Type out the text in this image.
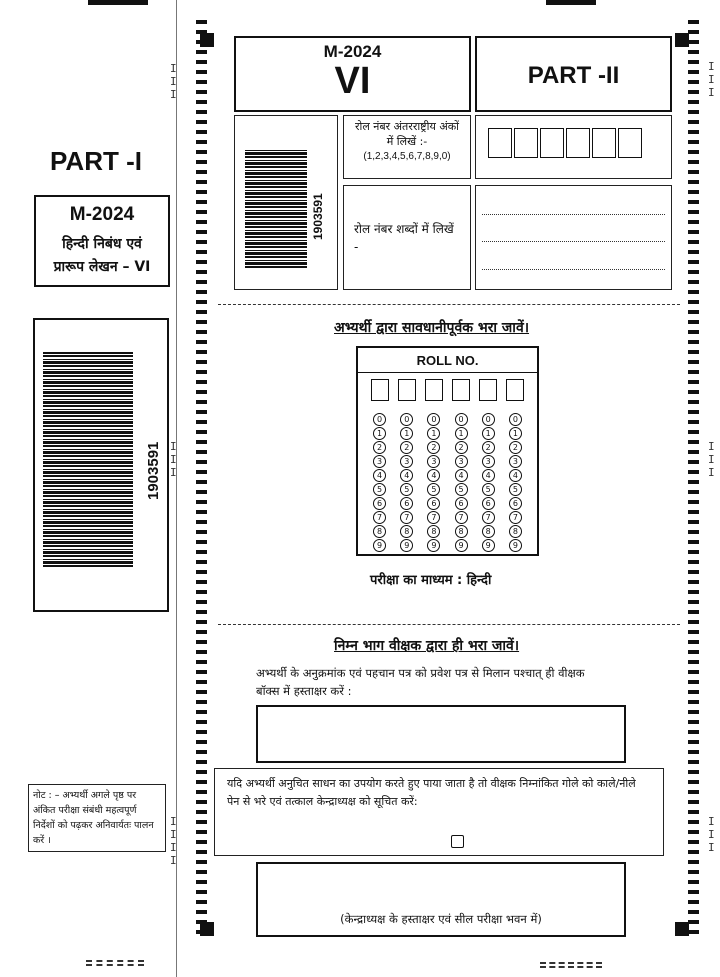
PART -I
M-2024
हिन्दी निबंध एवं
प्रारूप लेखन – VI
1903591
नोट : – अभ्यर्थी अगले पृष्ठ पर अंकित परीक्षा संबंधी महत्वपूर्ण निर्देशों को पढ़कर अनिवार्यतः पालन करें ।
I
I
I
I
I
I
I
I
I
I
M-2024
VI	PART -II
1903591
रोल नंबर अंतरराष्ट्रीय अंकों में लिखें :-
(1,2,3,4,5,6,7,8,9,0)
रोल नंबर शब्दों में लिखें -
अभ्यर्थी द्वारा सावधानीपूर्वक भरा जावें।
ROLL NO.
0
1
2
3
4
5
6
7
8
9
0
1
2
3
4
5
6
7
8
9
0
1
2
3
4
5
6
7
8
9
0
1
2
3
4
5
6
7
8
9
0
1
2
3
4
5
6
7
8
9
0
1
2
3
4
5
6
7
8
9
परीक्षा का माध्यम : हिन्दी
निम्न भाग वीक्षक द्वारा ही भरा जावें।
अभ्यर्थी के अनुक्रमांक एवं पहचान पत्र को प्रवेश पत्र से मिलान पश्चात् ही वीक्षक बॉक्स में हस्ताक्षर करें :
यदि अभ्यर्थी अनुचित साधन का उपयोग करते हुए पाया जाता है तो वीक्षक निम्नांकित गोले को काले/नीले पेन से भरे एवं तत्काल केन्द्राध्यक्ष को सूचित करें:
(केन्द्राध्यक्ष के हस्ताक्षर एवं सील परीक्षा भवन में)
I
I
I
I
I
I
I
I
I
